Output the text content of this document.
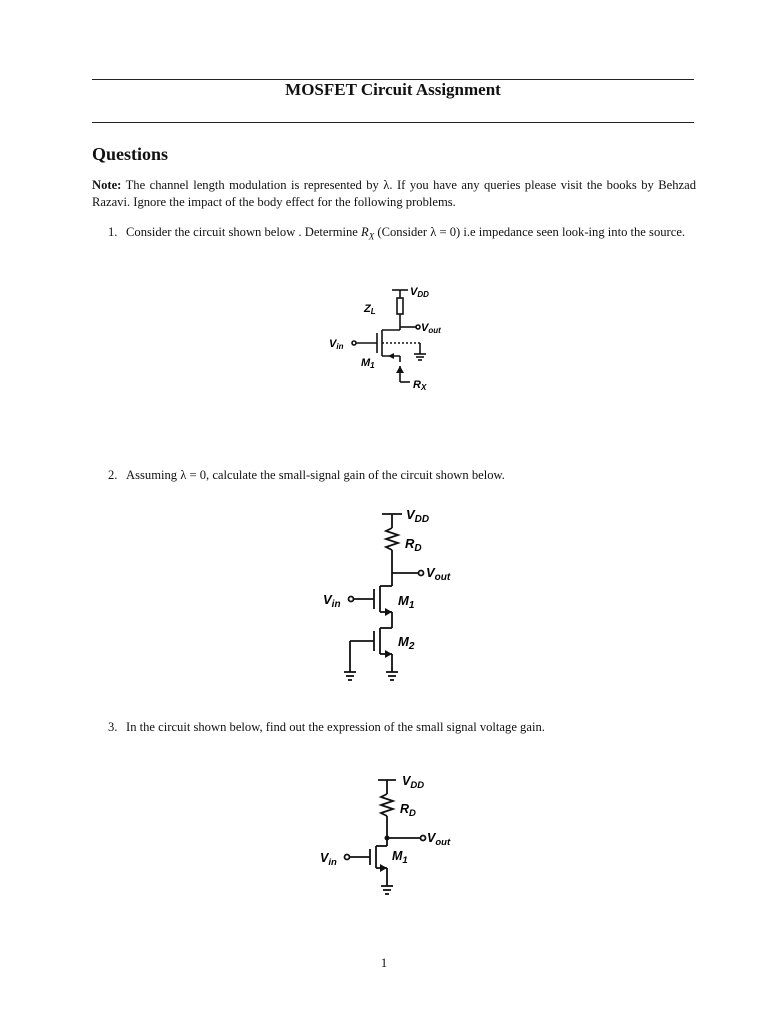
MOSFET Circuit Assignment
Questions
Note: The channel length modulation is represented by λ. If you have any queries please visit the books by Behzad Razavi. Ignore the impact of the body effect for the following problems.
1. Consider the circuit shown below . Determine $R_X$ (Consider λ = 0) i.e impedance seen look-ing into the source.
VDD
ZL
Vout
Vin
M1
RX
2. Assuming λ = 0, calculate the small-signal gain of the circuit shown below.
$V_{DD}$
$R_D$
$V_{out}$
$V_{in}$	$M_1$
$M_2$
3. In the circuit shown below, find out the expression of the small signal voltage gain.
$V_{DD}$
$R_D$
$V_{out}$
$V_{in}$	$M_1$
1
